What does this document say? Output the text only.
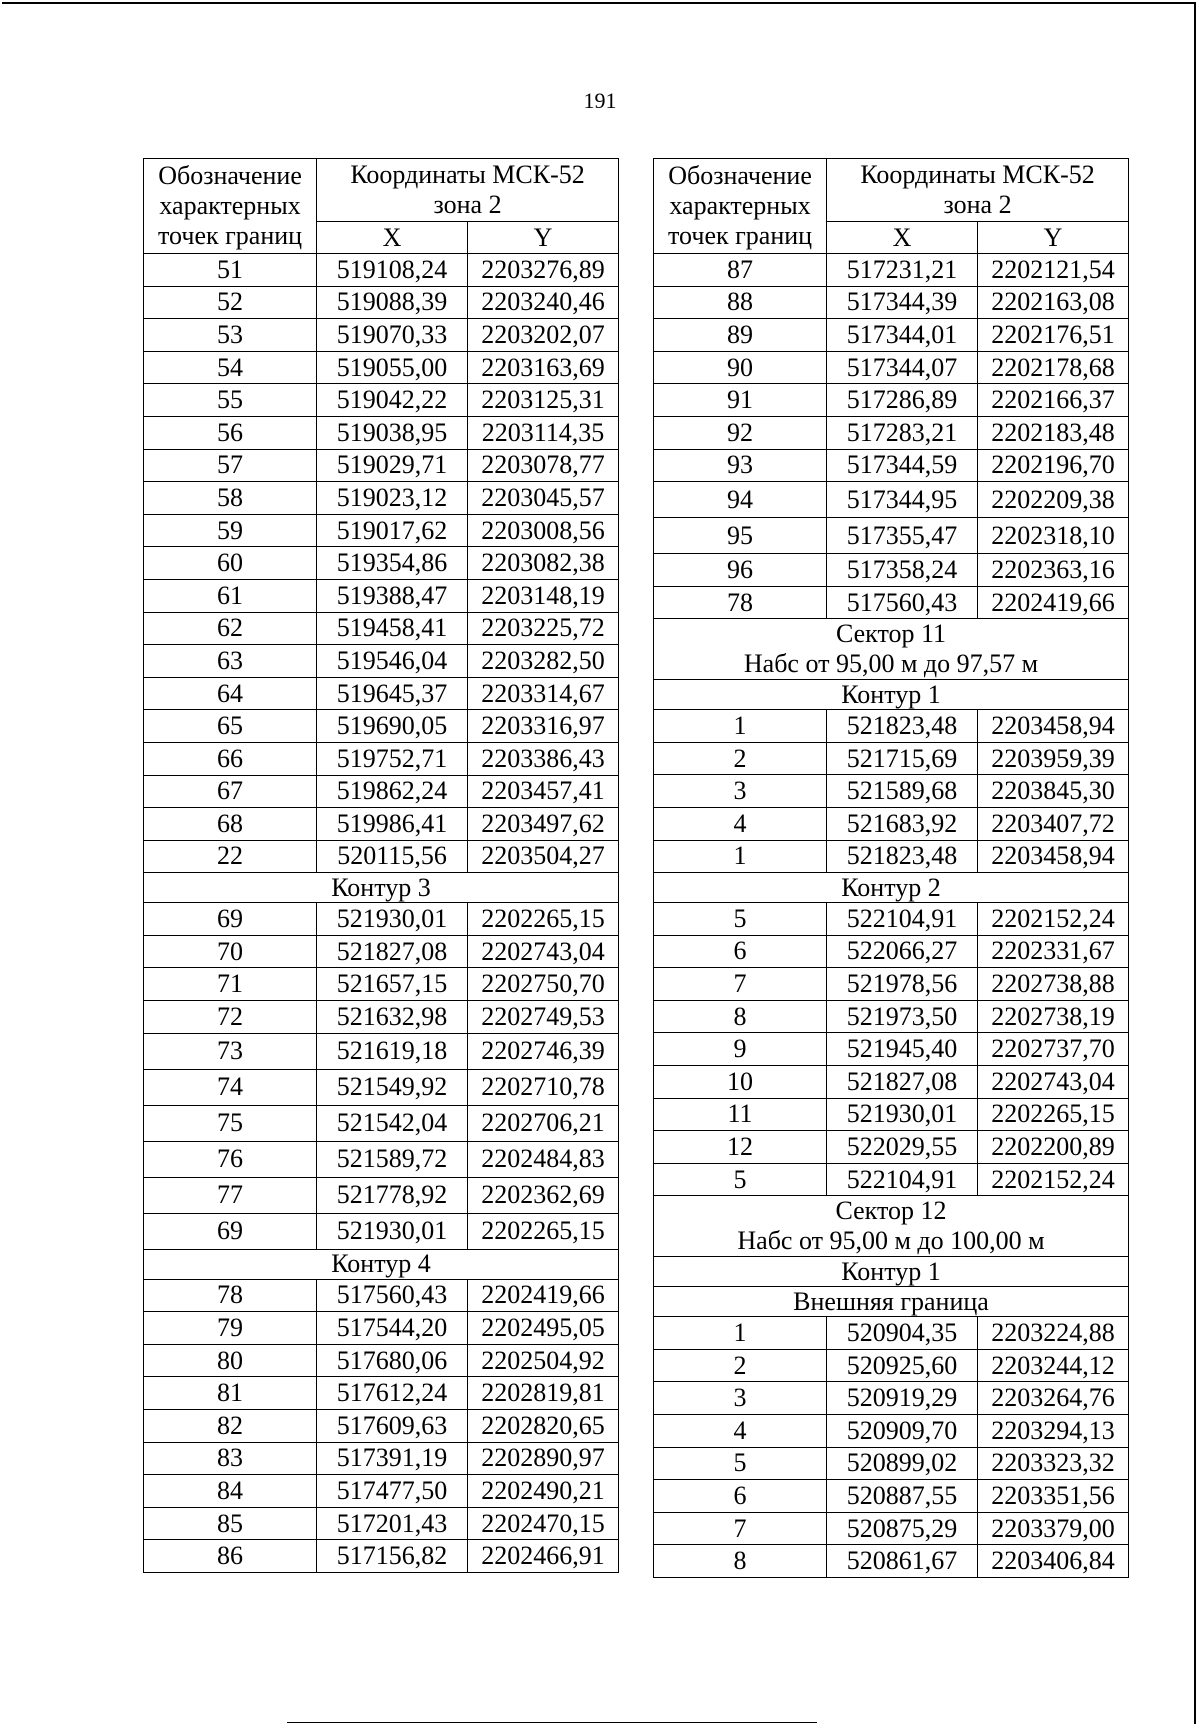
191
Обозначение
характерных
точек границ	Координаты МСК-52
зона 2	

	X	Y
51	519108,24	2203276,89
52	519088,39	2203240,46
53	519070,33	2203202,07
54	519055,00	2203163,69
55	519042,22	2203125,31
56	519038,95	2203114,35
57	519029,71	2203078,77
58	519023,12	2203045,57
59	519017,62	2203008,56
60	519354,86	2203082,38
61	519388,47	2203148,19
62	519458,41	2203225,72
63	519546,04	2203282,50
64	519645,37	2203314,67
65	519690,05	2203316,97
66	519752,71	2203386,43
67	519862,24	2203457,41
68	519986,41	2203497,62
22	520115,56	2203504,27
Контур 3		
69	521930,01	2202265,15
70	521827,08	2202743,04
71	521657,15	2202750,70
72	521632,98	2202749,53
73	521619,18	2202746,39
74	521549,92	2202710,78
75	521542,04	2202706,21
76	521589,72	2202484,83
77	521778,92	2202362,69
69	521930,01	2202265,15
Контур 4		
78	517560,43	2202419,66
79	517544,20	2202495,05
80	517680,06	2202504,92
81	517612,24	2202819,81
82	517609,63	2202820,65
83	517391,19	2202890,97
84	517477,50	2202490,21
85	517201,43	2202470,15
86	517156,82	2202466,91
Обозначение
характерных
точек границ	Координаты МСК-52
зона 2	

	X	Y
87	517231,21	2202121,54
88	517344,39	2202163,08
89	517344,01	2202176,51
90	517344,07	2202178,68
91	517286,89	2202166,37
92	517283,21	2202183,48
93	517344,59	2202196,70
94	517344,95	2202209,38
95	517355,47	2202318,10
96	517358,24	2202363,16
78	517560,43	2202419,66

Сектор 11
Набс от 95,00 м до 97,57 м		

Контур 1		
1	521823,48	2203458,94
2	521715,69	2203959,39
3	521589,68	2203845,30
4	521683,92	2203407,72
1	521823,48	2203458,94
Контур 2		
5	522104,91	2202152,24
6	522066,27	2202331,67
7	521978,56	2202738,88
8	521973,50	2202738,19
9	521945,40	2202737,70
10	521827,08	2202743,04
11	521930,01	2202265,15
12	522029,55	2202200,89
5	522104,91	2202152,24

Сектор 12
Набс от 95,00 м до 100,00 м		

Контур 1		
Внешняя граница		
1	520904,35	2203224,88
2	520925,60	2203244,12
3	520919,29	2203264,76
4	520909,70	2203294,13
5	520899,02	2203323,32
6	520887,55	2203351,56
7	520875,29	2203379,00
8	520861,67	2203406,84
